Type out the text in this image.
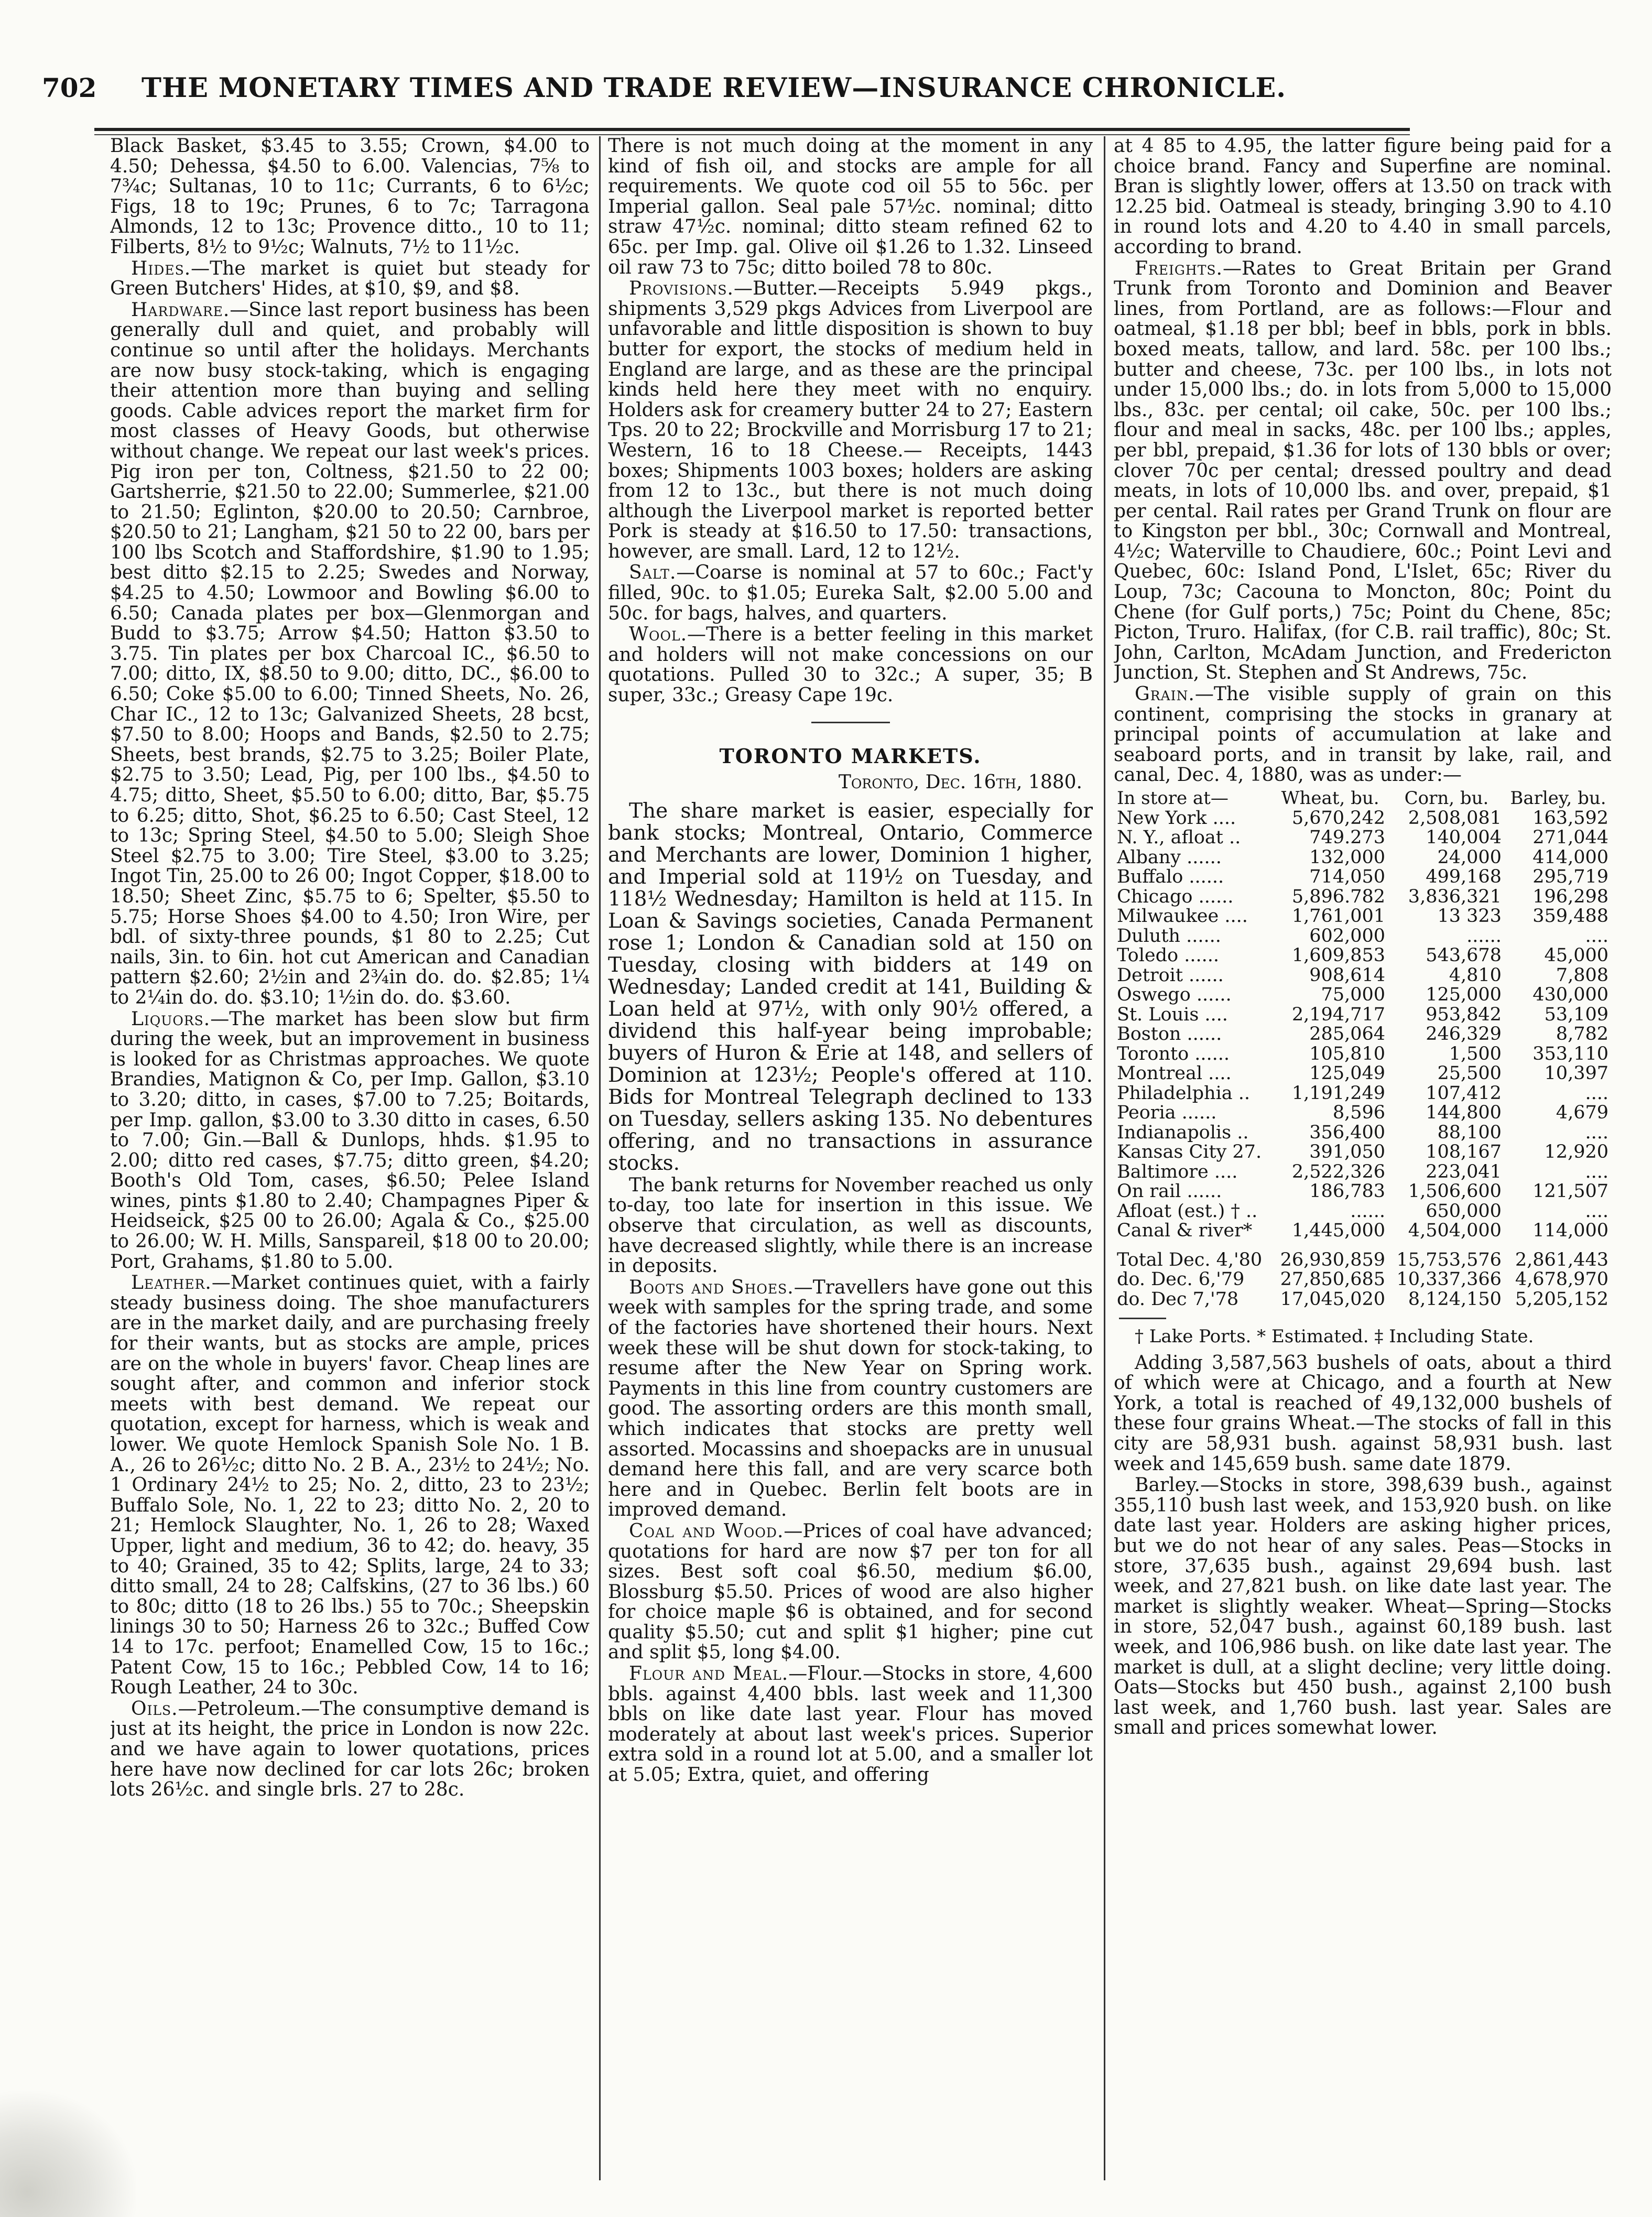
702 THE MONETARY TIMES AND TRADE REVIEW—INSURANCE CHRONICLE.

Black Basket, $3.45 to 3.55; Crown, $4.00 to 4.50; Dehessa, $4.50 to 6.00. Valencias, 7⅝ to 7¾c; Sultanas, 10 to 11c; Currants, 6 to 6½c; Figs, 18 to 19c; Prunes, 6 to 7c; Tarragona Almonds, 12 to 13c; Provence ditto., 10 to 11; Filberts, 8½ to 9½c; Walnuts, 7½ to 11½c.

Hides.—The market is quiet but steady for Green Butchers' Hides, at $10, $9, and $8.

Hardware.—Since last report business has been generally dull and quiet, and probably will continue so until after the holidays. Merchants are now busy stock-taking, which is engaging their attention more than buying and selling goods. Cable advices report the market firm for most classes of Heavy Goods, but otherwise without change. We repeat our last week's prices. Pig iron per ton, Coltness, $21.50 to 22 00; Gartsherrie, $21.50 to 22.00; Summerlee, $21.00 to 21.50; Eglinton, $20.00 to 20.50; Carnbroe, $20.50 to 21; Langham, $21 50 to 22 00, bars per 100 lbs Scotch and Staffordshire, $1.90 to 1.95; best ditto $2.15 to 2.25; Swedes and Norway, $4.25 to 4.50; Lowmoor and Bowling $6.00 to 6.50; Canada plates per box—Glenmorgan and Budd to $3.75; Arrow $4.50; Hatton $3.50 to 3.75. Tin plates per box Charcoal IC., $6.50 to 7.00; ditto, IX, $8.50 to 9.00; ditto, DC., $6.00 to 6.50; Coke $5.00 to 6.00; Tinned Sheets, No. 26, Char IC., 12 to 13c; Galvanized Sheets, 28 bcst, $7.50 to 8.00; Hoops and Bands, $2.50 to 2.75; Sheets, best brands, $2.75 to 3.25; Boiler Plate, $2.75 to 3.50; Lead, Pig, per 100 lbs., $4.50 to 4.75; ditto, Sheet, $5.50 to 6.00; ditto, Bar, $5.75 to 6.25; ditto, Shot, $6.25 to 6.50; Cast Steel, 12 to 13c; Spring Steel, $4.50 to 5.00; Sleigh Shoe Steel $2.75 to 3.00; Tire Steel, $3.00 to 3.25; Ingot Tin, 25.00 to 26 00; Ingot Copper, $18.00 to 18.50; Sheet Zinc, $5.75 to 6; Spelter, $5.50 to 5.75; Horse Shoes $4.00 to 4.50; Iron Wire, per bdl. of sixty-three pounds, $1 80 to 2.25; Cut nails, 3in. to 6in. hot cut American and Canadian pattern $2.60; 2½in and 2¾in do. do. $2.85; 1¼ to 2¼in do. do. $3.10; 1½in do. do. $3.60.

Liquors.—The market has been slow but firm during the week, but an improvement in business is looked for as Christmas approaches. We quote Brandies, Matignon & Co, per Imp. Gallon, $3.10 to 3.20; ditto, in cases, $7.00 to 7.25; Boitards, per Imp. gallon, $3.00 to 3.30 ditto in cases, 6.50 to 7.00; Gin.—Ball & Dunlops, hhds. $1.95 to 2.00; ditto red cases, $7.75; ditto green, $4.20; Booth's Old Tom, cases, $6.50; Pelee Island wines, pints $1.80 to 2.40; Champagnes Piper & Heidseick, $25 00 to 26.00; Agala & Co., $25.00 to 26.00; W. H. Mills, Sanspareil, $18 00 to 20.00; Port, Grahams, $1.80 to 5.00.

Leather.—Market continues quiet, with a fairly steady business doing. The shoe manufacturers are in the market daily, and are purchasing freely for their wants, but as stocks are ample, prices are on the whole in buyers' favor. Cheap lines are sought after, and common and inferior stock meets with best demand. We repeat our quotation, except for harness, which is weak and lower. We quote Hemlock Spanish Sole No. 1 B. A., 26 to 26½c; ditto No. 2 B. A., 23½ to 24½; No. 1 Ordinary 24½ to 25; No. 2, ditto, 23 to 23½; Buffalo Sole, No. 1, 22 to 23; ditto No. 2, 20 to 21; Hemlock Slaughter, No. 1, 26 to 28; Waxed Upper, light and medium, 36 to 42; do. heavy, 35 to 40; Grained, 35 to 42; Splits, large, 24 to 33; ditto small, 24 to 28; Calfskins, (27 to 36 lbs.) 60 to 80c; ditto (18 to 26 lbs.) 55 to 70c.; Sheepskin linings 30 to 50; Harness 26 to 32c.; Buffed Cow 14 to 17c. perfoot; Enamelled Cow, 15 to 16c.; Patent Cow, 15 to 16c.; Pebbled Cow, 14 to 16; Rough Leather, 24 to 30c.

Oils.—Petroleum.—The consumptive demand is just at its height, the price in London is now 22c. and we have again to lower quotations, prices here have now declined for car lots 26c; broken lots 26½c. and single brls. 27 to 28c.

There is not much doing at the moment in any kind of fish oil, and stocks are ample for all requirements. We quote cod oil 55 to 56c. per Imperial gallon. Seal pale 57½c. nominal; ditto straw 47½c. nominal; ditto steam refined 62 to 65c. per Imp. gal. Olive oil $1.26 to 1.32. Linseed oil raw 73 to 75c; ditto boiled 78 to 80c.

Provisions.—Butter.—Receipts 5.949 pkgs., shipments 3,529 pkgs Advices from Liverpool are unfavorable and little disposition is shown to buy butter for export, the stocks of medium held in England are large, and as these are the principal kinds held here they meet with no enquiry. Holders ask for creamery butter 24 to 27; Eastern Tps. 20 to 22; Brockville and Morrisburg 17 to 21; Western, 16 to 18 Cheese.— Receipts, 1443 boxes; Shipments 1003 boxes; holders are asking from 12 to 13c., but there is not much doing although the Liverpool market is reported better Pork is steady at $16.50 to 17.50: transactions, however, are small. Lard, 12 to 12½.

Salt.—Coarse is nominal at 57 to 60c.; Fact'y filled, 90c. to $1.05; Eureka Salt, $2.00 5.00 and 50c. for bags, halves, and quarters.

Wool.—There is a better feeling in this market and holders will not make concessions on our quotations. Pulled 30 to 32c.; A super, 35; B super, 33c.; Greasy Cape 19c.

TORONTO MARKETS.
Toronto, Dec. 16th, 1880.

The share market is easier, especially for bank stocks; Montreal, Ontario, Commerce and Merchants are lower, Dominion 1 higher, and Imperial sold at 119½ on Tuesday, and 118½ Wednesday; Hamilton is held at 115. In Loan & Savings societies, Canada Permanent rose 1; London & Canadian sold at 150 on Tuesday, closing with bidders at 149 on Wednesday; Landed credit at 141, Building & Loan held at 97½, with only 90½ offered, a dividend this half-year being improbable; buyers of Huron & Erie at 148, and sellers of Dominion at 123½; People's offered at 110. Bids for Montreal Telegraph declined to 133 on Tuesday, sellers asking 135. No debentures offering, and no transactions in assurance stocks.

The bank returns for November reached us only to-day, too late for insertion in this issue. We observe that circulation, as well as discounts, have decreased slightly, while there is an increase in deposits.

Boots and Shoes.—Travellers have gone out this week with samples for the spring trade, and some of the factories have shortened their hours. Next week these will be shut down for stock-taking, to resume after the New Year on Spring work. Payments in this line from country customers are good. The assorting orders are this month small, which indicates that stocks are pretty well assorted. Mocassins and shoepacks are in unusual demand here this fall, and are very scarce both here and in Quebec. Berlin felt boots are in improved demand.

Coal and Wood.—Prices of coal have advanced; quotations for hard are now $7 per ton for all sizes. Best soft coal $6.50, medium $6.00, Blossburg $5.50. Prices of wood are also higher for choice maple $6 is obtained, and for second quality $5.50; cut and split $1 higher; pine cut and split $5, long $4.00.

Flour and Meal.—Flour.—Stocks in store, 4,600 bbls. against 4,400 bbls. last week and 11,300 bbls on like date last year. Flour has moved moderately at about last week's prices. Superior extra sold in a round lot at 5.00, and a smaller lot at 5.05; Extra, quiet, and offering

at 4 85 to 4.95, the latter figure being paid for a choice brand. Fancy and Superfine are nominal. Bran is slightly lower, offers at 13.50 on track with 12.25 bid. Oatmeal is steady, bringing 3.90 to 4.10 in round lots and 4.20 to 4.40 in small parcels, according to brand.

Freights.—Rates to Great Britain per Grand Trunk from Toronto and Dominion and Beaver lines, from Portland, are as follows:—Flour and oatmeal, $1.18 per bbl; beef in bbls, pork in bbls. boxed meats, tallow, and lard. 58c. per 100 lbs.; butter and cheese, 73c. per 100 lbs., in lots not under 15,000 lbs.; do. in lots from 5,000 to 15,000 lbs., 83c. per cental; oil cake, 50c. per 100 lbs.; flour and meal in sacks, 48c. per 100 lbs.; apples, per bbl, prepaid, $1.36 for lots of 130 bbls or over; clover 70c per cental; dressed poultry and dead meats, in lots of 10,000 lbs. and over, prepaid, $1 per cental. Rail rates per Grand Trunk on flour are to Kingston per bbl., 30c; Cornwall and Montreal, 4½c; Waterville to Chaudiere, 60c.; Point Levi and Quebec, 60c: Island Pond, L'Islet, 65c; River du Loup, 73c; Cacouna to Moncton, 80c; Point du Chene (for Gulf ports,) 75c; Point du Chene, 85c; Picton, Truro. Halifax, (for C.B. rail traffic), 80c; St. John, Carlton, McAdam Junction, and Fredericton Junction, St. Stephen and St Andrews, 75c.

Grain.—The visible supply of grain on this continent, comprising the stocks in granary at principal points of accumulation at lake and seaboard ports, and in transit by lake, rail, and canal, Dec. 4, 1880, was as under:—

In store at—	Wheat, bu.	Corn, bu.	Barley, bu.
New York ....	5,670,242	2,508,081	163,592
N. Y., afloat ..	749.273	140,004	271,044
Albany ......	132,000	24,000	414,000
Buffalo ......	714,050	499,168	295,719
Chicago ......	5,896.782	3,836,321	196,298
Milwaukee ....	1,761,001	13 323	359,488
Duluth ......	602,000	......	....
Toledo ......	1,609,853	543,678	45,000
Detroit ......	908,614	4,810	7,808
Oswego ......	75,000	125,000	430,000
St. Louis ....	2,194,717	953,842	53,109
Boston ......	285,064	246,329	8,782
Toronto ......	105,810	1,500	353,110
Montreal ....	125,049	25,500	10,397
Philadelphia ..	1,191,249	107,412	....
Peoria ......	8,596	144,800	4,679
Indianapolis ..	356,400	88,100	....
Kansas City 27.	391,050	108,167	12,920
Baltimore ....	2,522,326	223,041	....
On rail ......	186,783	1,506,600	121,507
Afloat (est.) † ..	......	650,000	....
Canal & river*	1,445,000	4,504,000	114,000

Total Dec. 4,'80	26,930,859	15,753,576	2,861,443
do. Dec. 6,'79	27,850,685	10,337,366	4,678,970
do. Dec 7,'78	17,045,020	8,124,150	5,205,152
† Lake Ports. * Estimated. ‡ Including State.

Adding 3,587,563 bushels of oats, about a third of which were at Chicago, and a fourth at New York, a total is reached of 49,132,000 bushels of these four grains Wheat.—The stocks of fall in this city are 58,931 bush. against 58,931 bush. last week and 145,659 bush. same date 1879.

Barley.—Stocks in store, 398,639 bush., against 355,110 bush last week, and 153,920 bush. on like date last year. Holders are asking higher prices, but we do not hear of any sales. Peas—Stocks in store, 37,635 bush., against 29,694 bush. last week, and 27,821 bush. on like date last year. The market is slightly weaker. Wheat—Spring—Stocks in store, 52,047 bush., against 60,189 bush. last week, and 106,986 bush. on like date last year. The market is dull, at a slight decline; very little doing. Oats—Stocks but 450 bush., against 2,100 bush last week, and 1,760 bush. last year. Sales are small and prices somewhat lower.
